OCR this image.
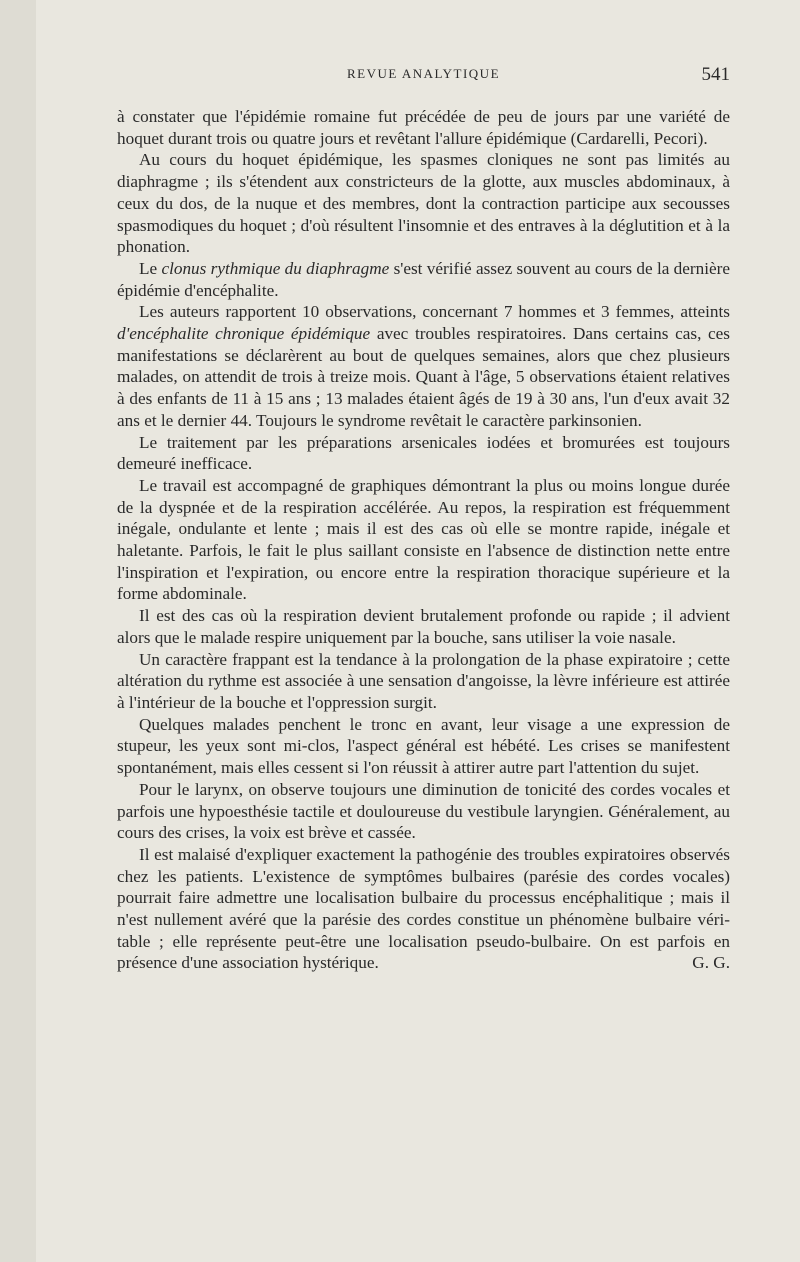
REVUE ANALYTIQUE	541

à constater que l'épidémie romaine fut précédée de peu de jours par une variété de hoquet durant trois ou quatre jours et revêtant l'allure épidémique (Cardarelli, Pecori).

Au cours du hoquet épidémique, les spasmes cloniques ne sont pas limités au diaphragme ; ils s'étendent aux constricteurs de la glotte, aux muscles abdominaux, à ceux du dos, de la nuque et des membres, dont la contraction participe aux secousses spasmodiques du hoquet ; d'où résultent l'insomnie et des entraves à la déglutition et à la phonation.

Le clonus rythmique du diaphragme s'est vérifié assez souvent au cours de la dernière épidémie d'encéphalite.

Les auteurs rapportent 10 observations, concernant 7 hommes et 3 femmes, atteints d'encéphalite chronique épidémique avec troubles respiratoires. Dans certains cas, ces manifestations se déclarèrent au bout de quelques semaines, alors que chez plusieurs malades, on attendit de trois à treize mois. Quant à l'âge, 5 observations étaient relatives à des enfants de 11 à 15 ans ; 13 malades étaient âgés de 19 à 30 ans, l'un d'eux avait 32 ans et le dernier 44. Toujours le syndrome revêtait le caractère parkinsonien.

Le traitement par les préparations arsenicales iodées et bromurées est toujours demeuré inefficace.

Le travail est accompagné de graphiques démontrant la plus ou moins longue durée de la dyspnée et de la respiration accélérée. Au repos, la respiration est fréquemment inégale, ondulante et lente ; mais il est des cas où elle se montre rapide, inégale et haletante. Parfois, le fait le plus saillant consiste en l'absence de distinction nette entre l'inspiration et l'expiration, ou encore entre la respiration thoracique supérieure et la forme abdominale.

Il est des cas où la respiration devient brutalement profonde ou rapide ; il advient alors que le malade respire uniquement par la bouche, sans utiliser la voie nasale.

Un caractère frappant est la tendance à la prolongation de la phase expiratoire ; cette altération du rythme est associée à une sensation d'angoisse, la lèvre inférieure est attirée à l'intérieur de la bouche et l'oppression surgit.

Quelques malades penchent le tronc en avant, leur visage a une expression de stupeur, les yeux sont mi-clos, l'aspect général est hébété. Les crises se manifestent spontanément, mais elles cessent si l'on réussit à attirer autre part l'attention du sujet.

Pour le larynx, on observe toujours une diminution de tonicité des cordes vocales et parfois une hypoesthésie tactile et douloureuse du vestibule laryngien. Généralement, au cours des crises, la voix est brève et cassée.

Il est malaisé d'expliquer exactement la pathogénie des troubles expiratoires observés chez les patients. L'existence de symptômes bulbaires (parésie des cordes vocales) pourrait faire admettre une localisation bulbaire du processus encéphalitique ; mais il n'est nullement avéré que la parésie des cordes constitue un phénomène bulbaire véritable ; elle représente peut-être une localisation pseudo-bulbaire. On est parfois en présence d'une association hystérique.	G. G.
